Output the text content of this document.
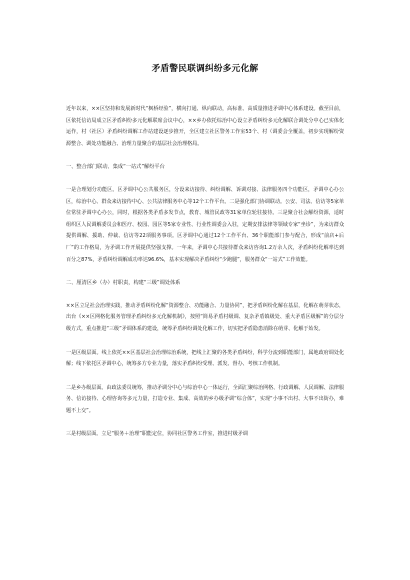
矛盾警民联调纠纷多元化解

近年以来，××区坚持和发展新时代“枫桥经验”，横向打通、纵向联动，高标准、高质量推进矛调中心体系建设。截至目前，区依托信访局成立区矛盾纠纷多元化解联席会议中心，××乡办依托综治中心设立矛盾纠纷多元化解联合调处分中心已实体化运作，村（社区）矛盾纠纷调解工作站建设逐步推开，全区建立社区警务工作室53个、村（调委会全覆盖，初步实现解纷资源整合、调处功能融合、治理力量聚合的基层社会治理格局。

一、整合部门联动、集成“一站式”解纷平台

一是合理划分功能区。区矛调中心公共服务区，分设来访接待、纠纷调解、诉调对接、法律服务四个功能区，矛调中心办公区，综治中心、群众来访接待中心、公共法律服务中心等12个工作平台。二是强化部门协调联动。公安、司法、信访等5家单位常驻矛调中心办公，同时，根据各类矛盾多发节点，教育、城管民政等31家单位轮驻接待。三是聚合社会解纷资源，适时组织区人民调解委员会和医疗、校园、园区等5家专业性、行业性调委会入驻，定期安排法律等领域专家“坐诊”，为来访群众提供调解、援助、仲裁、信访等22项服务事项。区矛调中心通过12个工作平台、36个职能部门参与配合，形成“前店+后厂”的工作格局，为矛调工作开展提供坚强支撑。一年来，矛调中心共接待群众来访咨询1.2万余人次，矛盾纠纷化解率达到百分之87%，矛盾纠纷调解成功率达96.6%，基本实现解决矛盾纠纷“少跑腿”，服务群众“一站式”工作效能。

二、厘清区乡（办）村职责，构建“三级”调处体系

××区立足社会治理实践，推动矛盾纠纷化解“资源整合、功能融合、力量协同”，把矛盾纠纷化解在基层，化解在萌芽状态，出台《××区网格化服务管理矛盾纠纷多元化解机制》，按照“简易矛盾村级调、复杂矛盾镇级处、重大矛盾区级解”的分层分级方式，重点推进“三级”矛调体系的建设，统筹矛盾纠纷调处化解工作，切实把矛盾隐患消除在萌芽、化解于始发。

一是区级层面。线上依托××区基层社会治理综治系统，把线上汇聚的各类矛盾纠纷，科学分流到职能部门，属地政府调处化解；线下依托区矛调中心，统筹多方专业力量，落实矛盾纠纷受理、派发、督办、考核工作机制。

二是乡办级层面。由政法委员统筹，推动矛调分中心与综治中心一体运行，全面汇聚综治网格、行政调解、人民调解、法律服务、信访接待、心理咨询等多元力量，打造专业、集成、高效的乡办级矛调“综合体”，实现“小事不出村、大事不出街办，难题不上交”。

三是村级层面。立足“服务＋治理”职能定位，协同社区警务工作室，推进村级矛调
